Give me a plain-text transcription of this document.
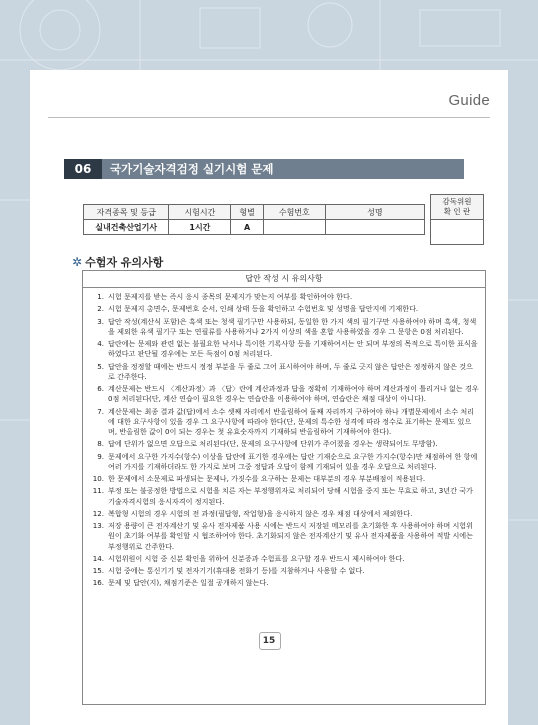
Guide
06	국가기술자격검정 실기시험 문제
자격종목 및 등급	시험시간	형별	수험번호	성명
실내건축산업기사	1시간	A		
감독위원
확 인 란

✲ 수험자 유의사항
답안 작성 시 유의사항
1. 시험 문제지를 받는 즉시 응시 종목의 문제지가 맞는지 여부를 확인하여야 한다.
2. 시험 문제지 총면수, 문제번호 순서, 인쇄 상태 등을 확인하고 수험번호 및 성명을 답안지에 기재한다.
3. 답안 작성(계산식 포함)은 흑색 또는 청색 필기구만 사용하되, 동일한 한 가지 색의 필기구만 사용하여야 하며 흑색, 청색을 제외한 유색 필기구 또는 연필류를 사용하거나 2가지 이상의 색을 혼합 사용하였을 경우 그 문항은 0점 처리된다.
4. 답란에는 문제와 관련 없는 불필요한 낙서나 특이한 기록사항 등을 기재하여서는 안 되며 부정의 목적으로 특이한 표식을 하였다고 판단될 경우에는 모든 득점이 0점 처리된다.
5. 답안을 정정할 때에는 반드시 정정 부분을 두 줄로 그어 표시하여야 하며, 두 줄로 긋지 않은 답안은 정정하지 않은 것으로 간주한다.
6. 계산문제는 반드시 〈계산과정〉과 〈답〉란에 계산과정과 답을 정확히 기재하여야 하며 계산과정이 틀리거나 없는 경우 0점 처리된다(단, 계산 연습이 필요한 경우는 연습란을 이용하여야 하며, 연습란은 채점 대상이 아니다).
7. 계산문제는 최종 결과 값(답)에서 소수 셋째 자리에서 반올림하여 둘째 자리까지 구하여야 하나 개별문제에서 소수 처리에 대한 요구사항이 있을 경우 그 요구사항에 따라야 한다(단, 문제의 특수한 성격에 따라 정수로 표기하는 문제도 있으며, 반올림한 값이 0이 되는 경우는 첫 유효숫자까지 기재하되 반올림하여 기재하여야 한다).
8. 답에 단위가 없으면 오답으로 처리된다(단, 문제의 요구사항에 단위가 주어졌을 경우는 생략되어도 무방함).
9. 문제에서 요구한 가지수(항수) 이상을 답란에 표기한 경우에는 답란 기재순으로 요구한 가지수(항수)만 채점하여 한 항에 여러 가지를 기재하더라도 한 가지로 보며 그중 정답과 오답이 함께 기재되어 있을 경우 오답으로 처리된다.
10. 한 문제에서 소문제로 파생되는 문제나, 가짓수를 요구하는 문제는 대부분의 경우 부분배점이 적용된다.
11. 부정 또는 불공정한 방법으로 시험을 치른 자는 부정행위자로 처리되어 당해 시험을 중지 또는 무효로 하고, 3년간 국가기술자격시험의 응시자격이 정지된다.
12. 복합형 시험의 경우 시험의 전 과정(필답형, 작업형)을 응시하지 않은 경우 채점 대상에서 제외한다.
13. 저장 용량이 큰 전자계산기 및 유사 전자제품 사용 시에는 반드시 저장된 메모리를 초기화한 후 사용하여야 하며 시험위원이 초기화 여부를 확인할 시 협조하여야 한다. 초기화되지 않은 전자계산기 및 유사 전자제품을 사용하여 적발 시에는 부정행위로 간주한다.
14. 시험위원이 시험 중 신분 확인을 위하여 신분증과 수험표를 요구할 경우 반드시 제시하여야 한다.
15. 시험 중에는 통신기기 및 전자기기(휴대용 전화기 등)를 지참하거나 사용할 수 없다.
16. 문제 및 답안(지), 채점기준은 일절 공개하지 않는다.
15
